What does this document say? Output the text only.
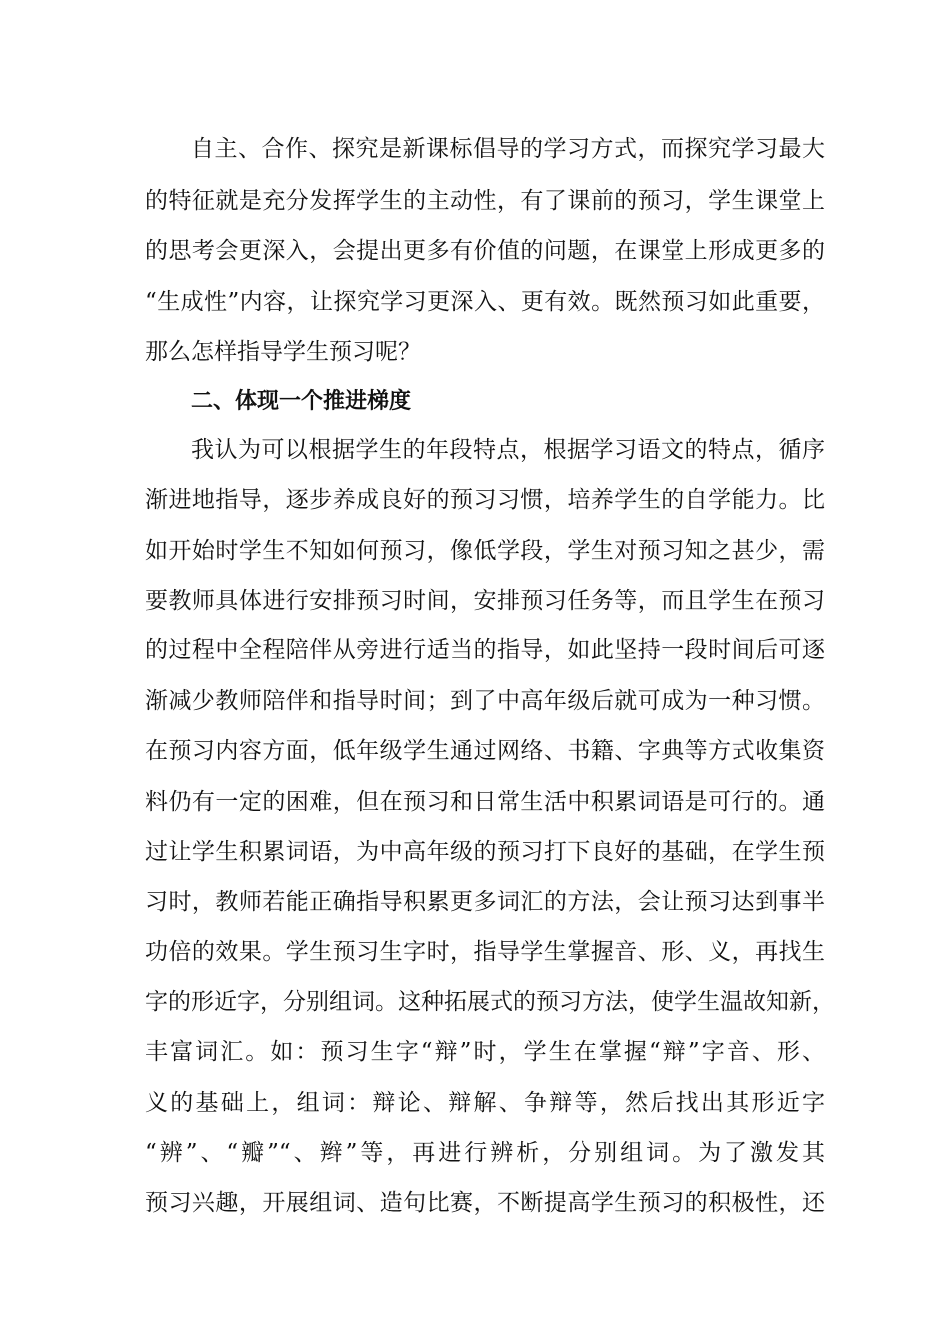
自主、合作、探究是新课标倡导的学习方式，而探究学习最大

的特征就是充分发挥学生的主动性，有了课前的预习，学生课堂上

的思考会更深入，会提出更多有价值的问题，在课堂上形成更多的

“生成性”内容，让探究学习更深入、更有效。既然预习如此重要，

那么怎样指导学生预习呢？

二、体现一个推进梯度

我认为可以根据学生的年段特点，根据学习语文的特点，循序

渐进地指导，逐步养成良好的预习习惯，培养学生的自学能力。比

如开始时学生不知如何预习，像低学段，学生对预习知之甚少，需

要教师具体进行安排预习时间，安排预习任务等，而且学生在预习

的过程中全程陪伴从旁进行适当的指导，如此坚持一段时间后可逐

渐减少教师陪伴和指导时间；到了中高年级后就可成为一种习惯。

在预习内容方面，低年级学生通过网络、书籍、字典等方式收集资

料仍有一定的困难，但在预习和日常生活中积累词语是可行的。通

过让学生积累词语，为中高年级的预习打下良好的基础，在学生预

习时，教师若能正确指导积累更多词汇的方法，会让预习达到事半

功倍的效果。学生预习生字时，指导学生掌握音、形、义，再找生

字的形近字，分别组词。这种拓展式的预习方法，使学生温故知新，

丰富词汇。如：预习生字“辩”时，学生在掌握“辩”字音、形、

义的基础上，组词：辩论、辩解、争辩等，然后找出其形近字

“辨”、“瓣”“、辫”等，再进行辨析，分别组词。为了激发其

预习兴趣，开展组词、造句比赛，不断提高学生预习的积极性，还
